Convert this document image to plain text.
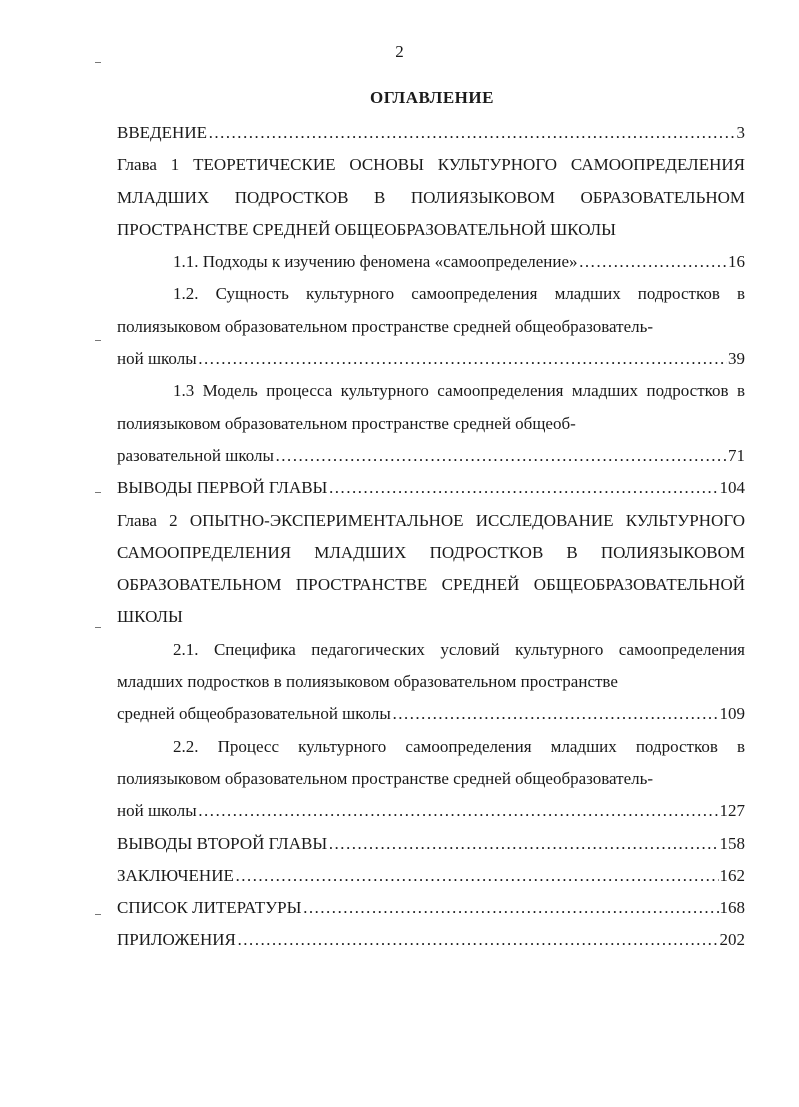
2
ОГЛАВЛЕНИЕ
ВВЕДЕНИЕ ……………………………………………………………………………………………………………………………………………………………………	3
Глава 1 ТЕОРЕТИЧЕСКИЕ ОСНОВЫ КУЛЬТУРНОГО САМООПРЕДЕЛЕНИЯ МЛАДШИХ ПОДРОСТКОВ В ПОЛИЯЗЫКОВОМ ОБРАЗОВАТЕЛЬНОМ ПРОСТРАНСТВЕ СРЕДНЕЙ ОБЩЕОБРАЗОВАТЕЛЬНОЙ ШКОЛЫ
1.1. Подходы к изучению феномена «самоопределение» ……………………………………………………………………………………………………………………………………………………………………	16
1.2. Сущность культурного самоопределения младших подростков в полиязыковом образовательном пространстве средней общеобразователь-
ной школы ……………………………………………………………………………………………………………………………………………………………………	39
1.3 Модель процесса культурного самоопределения младших подростков в полиязыковом образовательном пространстве средней общеоб-
разовательной школы ……………………………………………………………………………………………………………………………………………………………………	71
ВЫВОДЫ ПЕРВОЙ ГЛАВЫ ……………………………………………………………………………………………………………………………………………………………………	104
Глава 2 ОПЫТНО-ЭКСПЕРИМЕНТАЛЬНОЕ ИССЛЕДОВАНИЕ КУЛЬТУРНОГО САМООПРЕДЕЛЕНИЯ МЛАДШИХ ПОДРОСТКОВ В ПОЛИЯЗЫКОВОМ ОБРАЗОВАТЕЛЬНОМ ПРОСТРАНСТВЕ СРЕДНЕЙ ОБЩЕОБРАЗОВАТЕЛЬНОЙ ШКОЛЫ
2.1. Специфика педагогических условий культурного самоопределения младших подростков в полиязыковом образовательном пространстве
средней общеобразовательной школы ……………………………………………………………………………………………………………………………………………………………………	109
2.2. Процесс культурного самоопределения младших подростков в полиязыковом образовательном пространстве средней общеобразователь-
ной школы ……………………………………………………………………………………………………………………………………………………………………	127
ВЫВОДЫ ВТОРОЙ ГЛАВЫ ……………………………………………………………………………………………………………………………………………………………………	158
ЗАКЛЮЧЕНИЕ ……………………………………………………………………………………………………………………………………………………………………	162
СПИСОК ЛИТЕРАТУРЫ ……………………………………………………………………………………………………………………………………………………………………	168
ПРИЛОЖЕНИЯ ……………………………………………………………………………………………………………………………………………………………………	202
